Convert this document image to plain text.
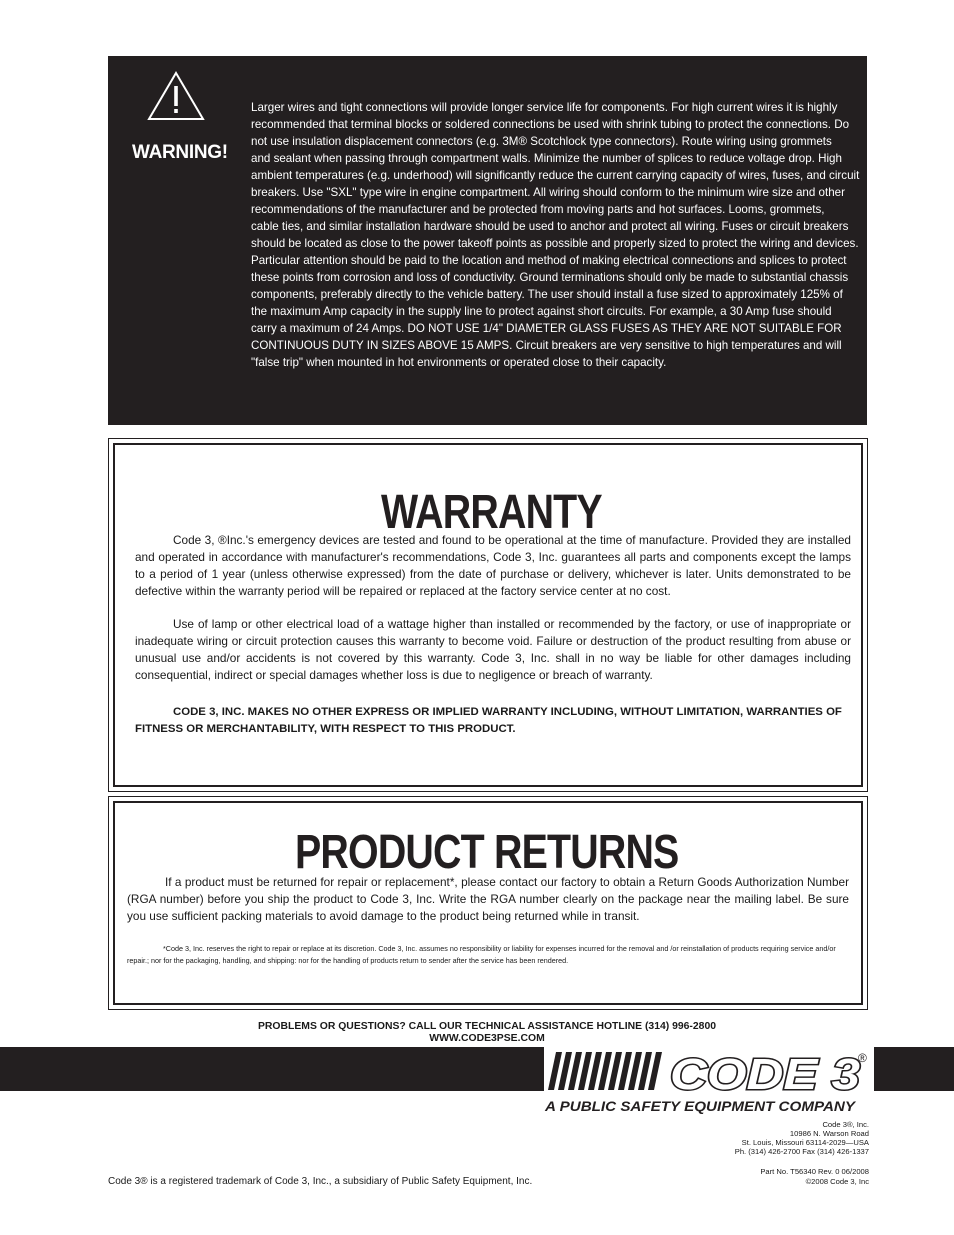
WARNING!
Larger wires and tight connections will provide longer service life for components. For high current wires it is highly
recommended that terminal blocks or soldered connections be used with shrink tubing to protect the connections. Do
not use insulation displacement connectors (e.g. 3M® Scotchlock type connectors). Route wiring using grommets
and sealant when passing through compartment walls. Minimize the number of splices to reduce voltage drop. High
ambient temperatures (e.g. underhood) will significantly reduce the current carrying capacity of wires, fuses, and circuit
breakers. Use "SXL" type wire in engine compartment. All wiring should conform to the minimum wire size and other
recommendations of the manufacturer and be protected from moving parts and hot surfaces. Looms, grommets,
cable ties, and similar installation hardware should be used to anchor and protect all wiring. Fuses or circuit breakers
should be located as close to the power takeoff points as possible and properly sized to protect the wiring and devices.
Particular attention should be paid to the location and method of making electrical connections and splices to protect
these points from corrosion and loss of conductivity. Ground terminations should only be made to substantial chassis
components, preferably directly to the vehicle battery. The user should install a fuse sized to approximately 125% of
the maximum Amp capacity in the supply line to protect against short circuits. For example, a 30 Amp fuse should
carry a maximum of 24 Amps. DO NOT USE 1/4" DIAMETER GLASS FUSES AS THEY ARE NOT SUITABLE FOR
CONTINUOUS DUTY IN SIZES ABOVE 15 AMPS. Circuit breakers are very sensitive to high temperatures and will
"false trip" when mounted in hot environments or operated close to their capacity.
WARRANTY
Code 3, ®Inc.'s emergency devices are tested and found to be operational at the time of manufacture. Provided they are installed and operated in accordance with manufacturer's recommendations, Code 3, Inc. guarantees all parts and components except the lamps to a period of 1 year (unless otherwise expressed) from the date of purchase or delivery, whichever is later. Units demonstrated to be defective within the warranty period will be repaired or replaced at the factory service center at no cost.
Use of lamp or other electrical load of a wattage higher than installed or recommended by the factory, or use of inappropriate or inadequate wiring or circuit protection causes this warranty to become void. Failure or destruction of the product resulting from abuse or unusual use and/or accidents is not covered by this warranty. Code 3, Inc. shall in no way be liable for other damages including consequential, indirect or special damages whether loss is due to negligence or breach of warranty.
CODE 3, INC. MAKES NO OTHER EXPRESS OR IMPLIED WARRANTY INCLUDING, WITHOUT LIMITATION, WARRANTIES OF FITNESS OR MERCHANTABILITY, WITH RESPECT TO THIS PRODUCT.
PRODUCT RETURNS
If a product must be returned for repair or replacement*, please contact our factory to obtain a Return Goods Authorization Number (RGA number) before you ship the product to Code 3, Inc. Write the RGA number clearly on the package near the mailing label. Be sure you use sufficient packing materials to avoid damage to the product being returned while in transit.
*Code 3, Inc. reserves the right to repair or replace at its discretion. Code 3, Inc. assumes no responsibility or liability for expenses incurred for the removal and /or reinstallation of products requiring service and/or repair.; nor for the packaging, handling, and shipping: nor for the handling of products return to sender after the service has been rendered.
PROBLEMS OR QUESTIONS? CALL OUR TECHNICAL ASSISTANCE HOTLINE (314) 996-2800
WWW.CODE3PSE.COM
CODE 3
®
A PUBLIC SAFETY EQUIPMENT COMPANY
Code 3®, Inc.
10986 N. Warson Road
St. Louis, Missouri 63114-2029—USA
Ph. (314) 426-2700 Fax (314) 426-1337
Part No. T56340 Rev. 0 06/2008
©2008 Code 3, Inc
Code 3® is a registered trademark of Code 3, Inc., a subsidiary of Public Safety Equipment, Inc.
